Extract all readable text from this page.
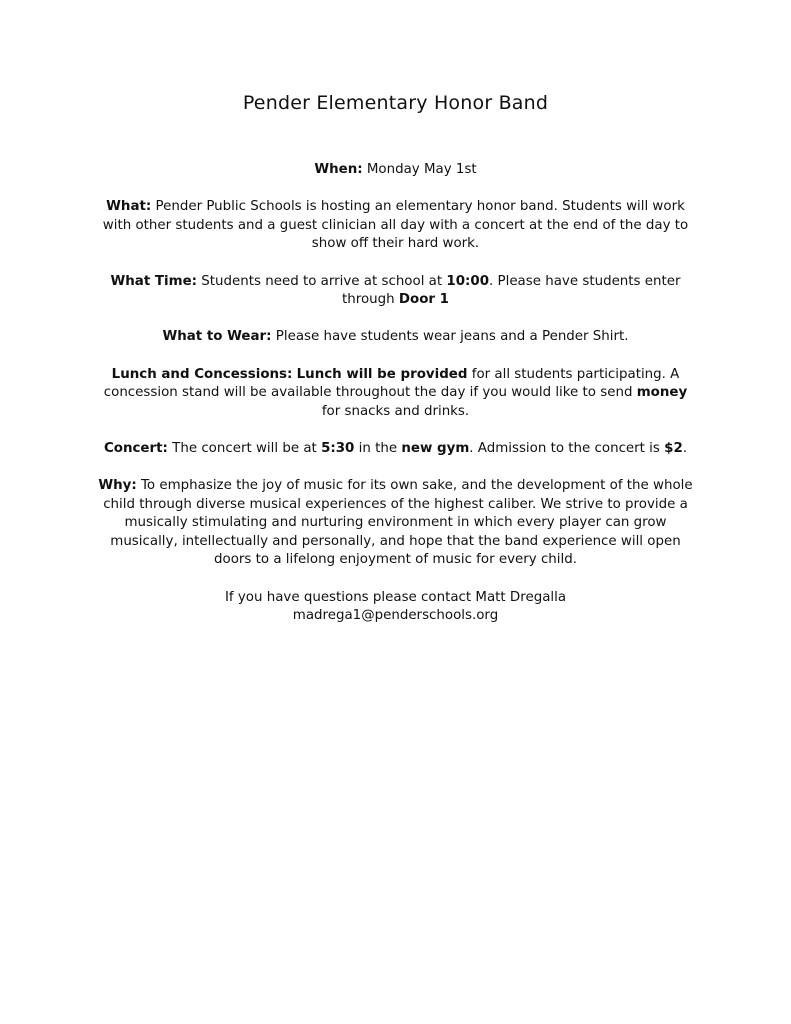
Pender Elementary Honor Band

When: Monday May 1st

What: Pender Public Schools is hosting an elementary honor band. Students will work with other students and a guest clinician all day with a concert at the end of the day to show off their hard work.

What Time: Students need to arrive at school at 10:00. Please have students enter through Door 1

What to Wear: Please have students wear jeans and a Pender Shirt.

Lunch and Concessions: Lunch will be provided for all students participating. A concession stand will be available throughout the day if you would like to send money for snacks and drinks.

Concert: The concert will be at 5:30 in the new gym. Admission to the concert is $2.

Why: To emphasize the joy of music for its own sake, and the development of the whole child through diverse musical experiences of the highest caliber. We strive to provide a musically stimulating and nurturing environment in which every player can grow musically, intellectually and personally, and hope that the band experience will open doors to a lifelong enjoyment of music for every child.

If you have questions please contact Matt Dregalla
madrega1@penderschools.org
